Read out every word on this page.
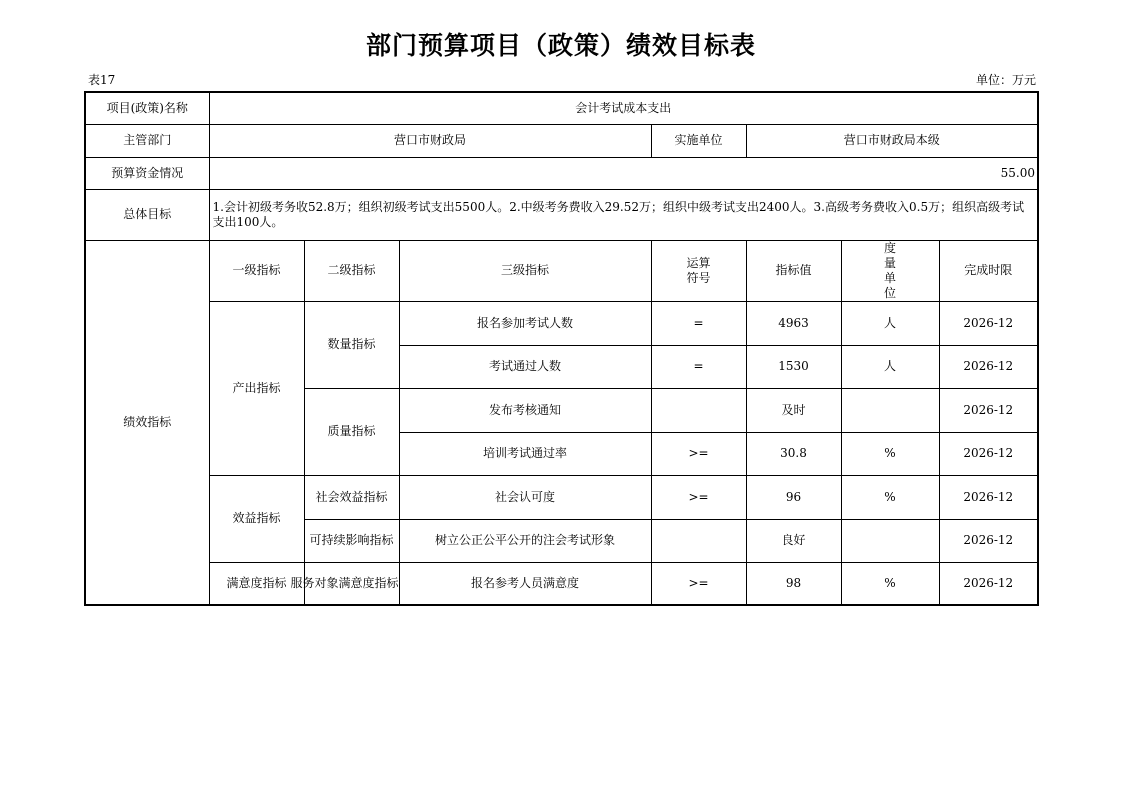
部门预算项目（政策）绩效目标表
表17	单位：万元
项目(政策)名称	会计考试成本支出						
主管部门	营口市财政局			实施单位	营口市财政局本级		
预算资金情况	55.00						
总体目标	1.会计初级考务收52.8万；组织初级考试支出5500人。2.中级考务费收入29.52万；组织中级考试支出2400人。3.高级考务费收入0.5万；组织高级考试支出100人。						
绩效指标	一级指标	二级指标	三级指标	运算符号	指标值	度量单位	完成时限
	产出指标	数量指标	报名参加考试人数	=	4963	人	2026-12
			考试通过人数	=	1530	人	2026-12
		质量指标	发布考核通知		及时		2026-12
			培训考试通过率	>=	30.8	%	2026-12
	效益指标	社会效益指标	社会认可度	>=	96	%	2026-12
		可持续影响指标	树立公正公平公开的注会考试形象		良好		2026-12
	满意度指标	服务对象满意度指标	报名参考人员满意度	>=	98	%	2026-12
